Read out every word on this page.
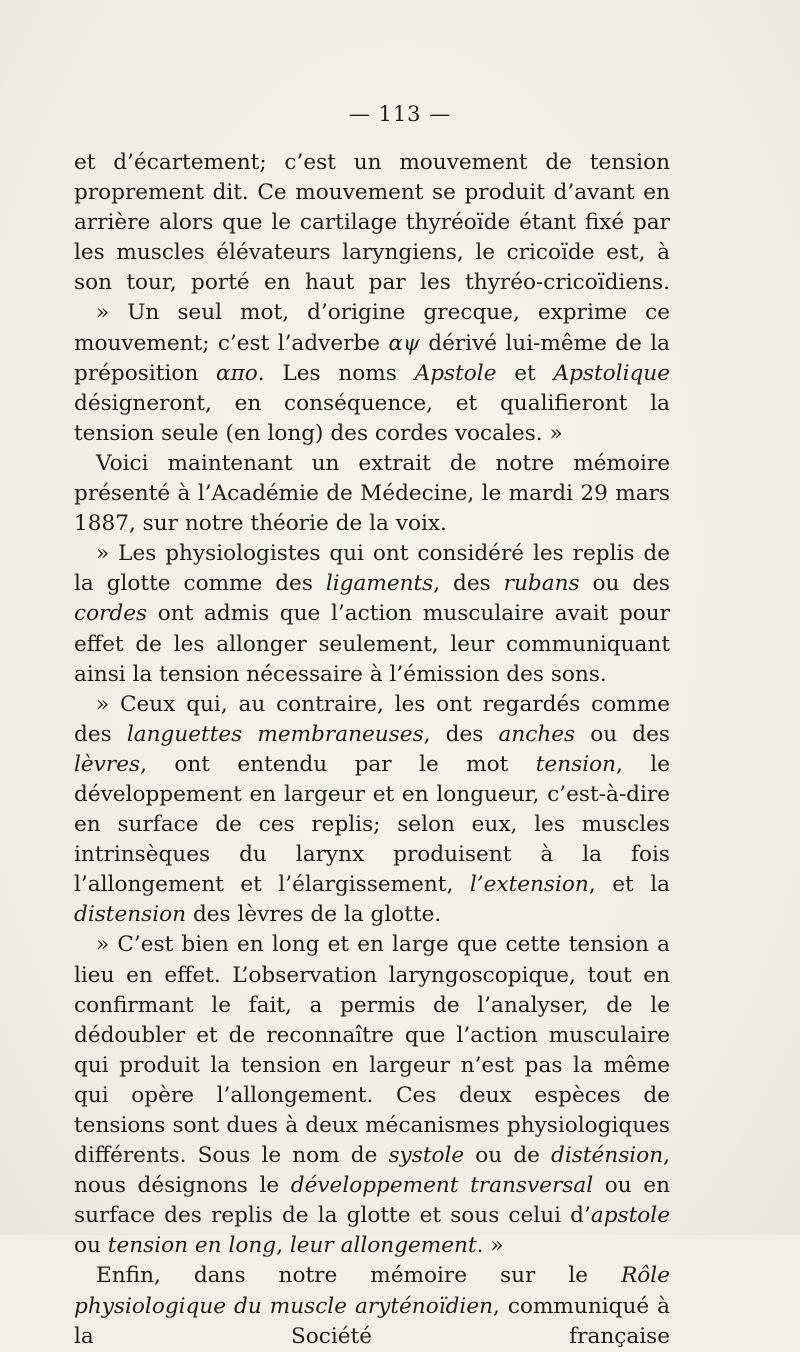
— 113 —

et d’écartement; c’est un mouvement de tension proprement dit. Ce mouvement se produit d’avant en arrière alors que le cartilage thyréoïde étant fixé par les muscles élévateurs laryngiens, le cricoïde est, à son tour, porté en haut par les thyréo-cricoïdiens.

» Un seul mot, d’origine grecque, exprime ce mouvement; c’est l’adverbe αψ dérivé lui-même de la préposition απο. Les noms Apstole et Apstolique désigneront, en conséquence, et qualifieront la tension seule (en long) des cordes vocales. »

Voici maintenant un extrait de notre mémoire présenté à l’Académie de Médecine, le mardi 29 mars 1887, sur notre théorie de la voix.

» Les physiologistes qui ont considéré les replis de la glotte comme des ligaments, des rubans ou des cordes ont admis que l’action musculaire avait pour effet de les allonger seulement, leur communiquant ainsi la tension nécessaire à l’émission des sons.

» Ceux qui, au contraire, les ont regardés comme des languettes membraneuses, des anches ou des lèvres, ont entendu par le mot tension, le développement en largeur et en longueur, c’est-à-dire en surface de ces replis; selon eux, les muscles intrinsèques du larynx produisent à la fois l’allongement et l’élargissement, l’extension, et la distension des lèvres de la glotte.

» C’est bien en long et en large que cette tension a lieu en effet. L’observation laryngoscopique, tout en confirmant le fait, a permis de l’analyser, de le dédoubler et de reconnaître que l’action musculaire qui produit la tension en largeur n’est pas la même qui opère l’allongement. Ces deux espèces de tensions sont dues à deux mécanismes physiologiques différents. Sous le nom de systole ou de disténsion, nous désignons le développement transversal ou en surface des replis de la glotte et sous celui d’apstole ou tension en long, leur allongement. »

Enfin, dans notre mémoire sur le Rôle physiologique du muscle aryténoïdien, communiqué à la Société française
